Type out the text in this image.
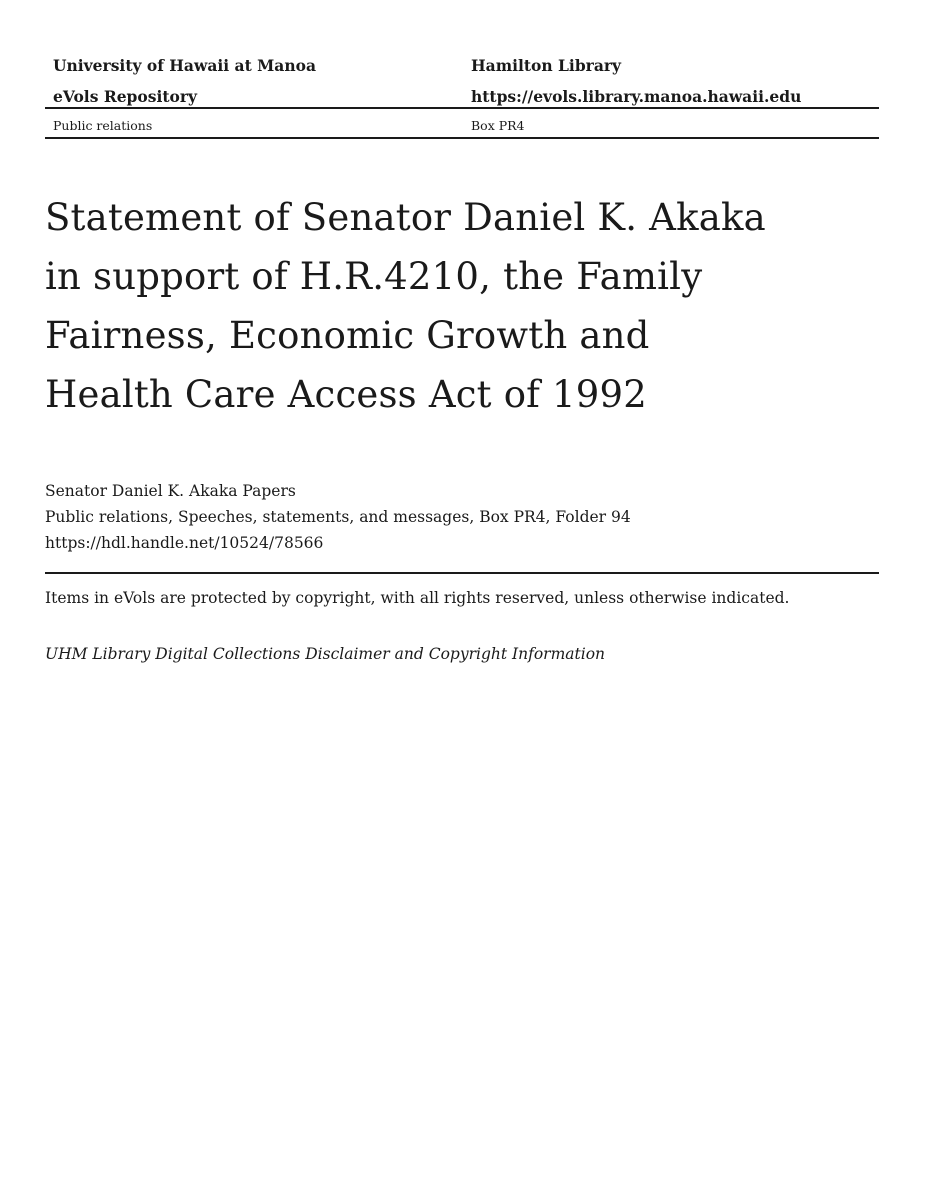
University of Hawaii at Manoa	Hamilton Library
eVols Repository	https://evols.library.manoa.hawaii.edu
Public relations	Box PR4
Statement of Senator Daniel K. Akaka
in support of H.R.4210, the Family
Fairness, Economic Growth and
Health Care Access Act of 1992
Senator Daniel K. Akaka Papers
Public relations, Speeches, statements, and messages, Box PR4, Folder 94
https://hdl.handle.net/10524/78566
Items in eVols are protected by copyright, with all rights reserved, unless otherwise indicated.
UHM Library Digital Collections Disclaimer and Copyright Information
